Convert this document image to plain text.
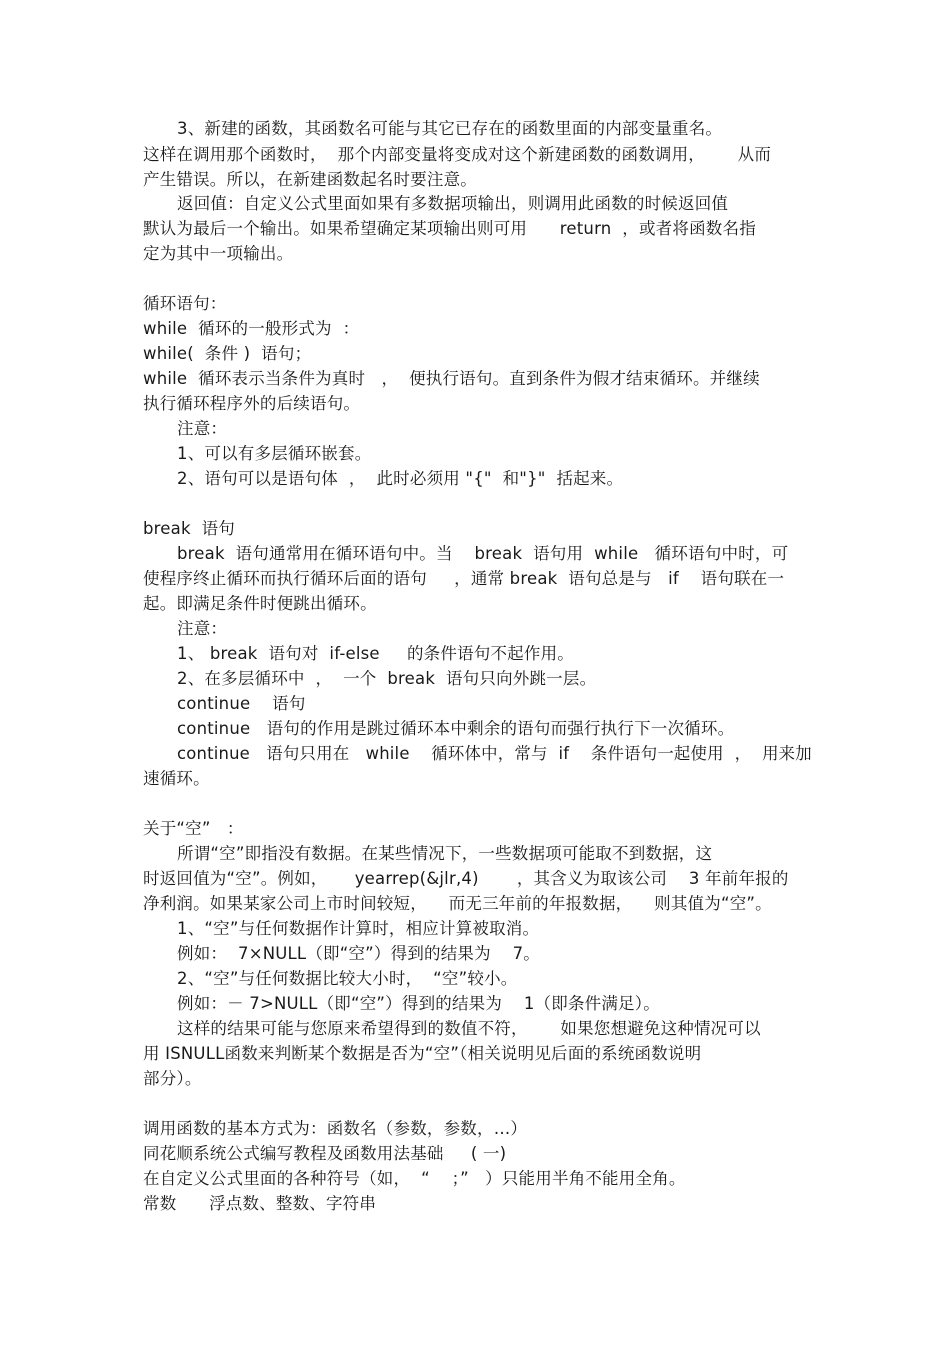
3、新建的函数，其函数名可能与其它已存在的函数里面的内部变量重名。
这样在调用那个函数时，  那个内部变量将变成对这个新建函数的函数调用，      从而
产生错误。所以，在新建函数起名时要注意。
返回值：自定义公式里面如果有多数据项输出，则调用此函数的时候返回值
默认为最后一个输出。如果希望确定某项输出则可用      return  ，或者将函数名指
定为其中一项输出。
循环语句：
while  循环的一般形式为  ：
while(  条件 )  语句；
while  循环表示当条件为真时   ，  便执行语句。直到条件为假才结束循环。并继续
执行循环程序外的后续语句。
注意：
1、可以有多层循环嵌套。
2、语句可以是语句体  ，  此时必须用 "{"  和"}"  括起来。
break  语句
break  语句通常用在循环语句中。当    break  语句用  while   循环语句中时，可
使程序终止循环而执行循环后面的语句     ，通常 break  语句总是与   if    语句联在一
起。即满足条件时便跳出循环。
注意：
1、 break  语句对  if-else     的条件语句不起作用。
2、在多层循环中  ，  一个  break  语句只向外跳一层。
continue    语句
continue   语句的作用是跳过循环本中剩余的语句而强行执行下一次循环。
continue   语句只用在   while    循环体中，常与  if    条件语句一起使用  ，  用来加
速循环。
关于“空”   ：
所谓“空”即指没有数据。在某些情况下，一些数据项可能取不到数据，这
时返回值为“空”。例如，     yearrep(&jlr,4)       ，其含义为取该公司    3 年前年报的
净利润。如果某家公司上市时间较短，    而无三年前的年报数据，    则其值为“空”。
1、“空”与任何数据作计算时，相应计算被取消。
例如：  7×NULL（即“空”）得到的结果为    7。
2、“空”与任何数据比较大小时，  “空”较小。
例如：－ 7>NULL（即“空”）得到的结果为    1（即条件满足）。
这样的结果可能与您原来希望得到的数值不符，      如果您想避免这种情况可以
用 ISNULL函数来判断某个数据是否为“空”（相关说明见后面的系统函数说明
部分）。
调用函数的基本方式为：函数名（参数，参数，…）
同花顺系统公式编写教程及函数用法基础     ( 一)
在自定义公式里面的各种符号（如，  “    ；”   ）只能用半角不能用全角。
常数      浮点数、整数、字符串
